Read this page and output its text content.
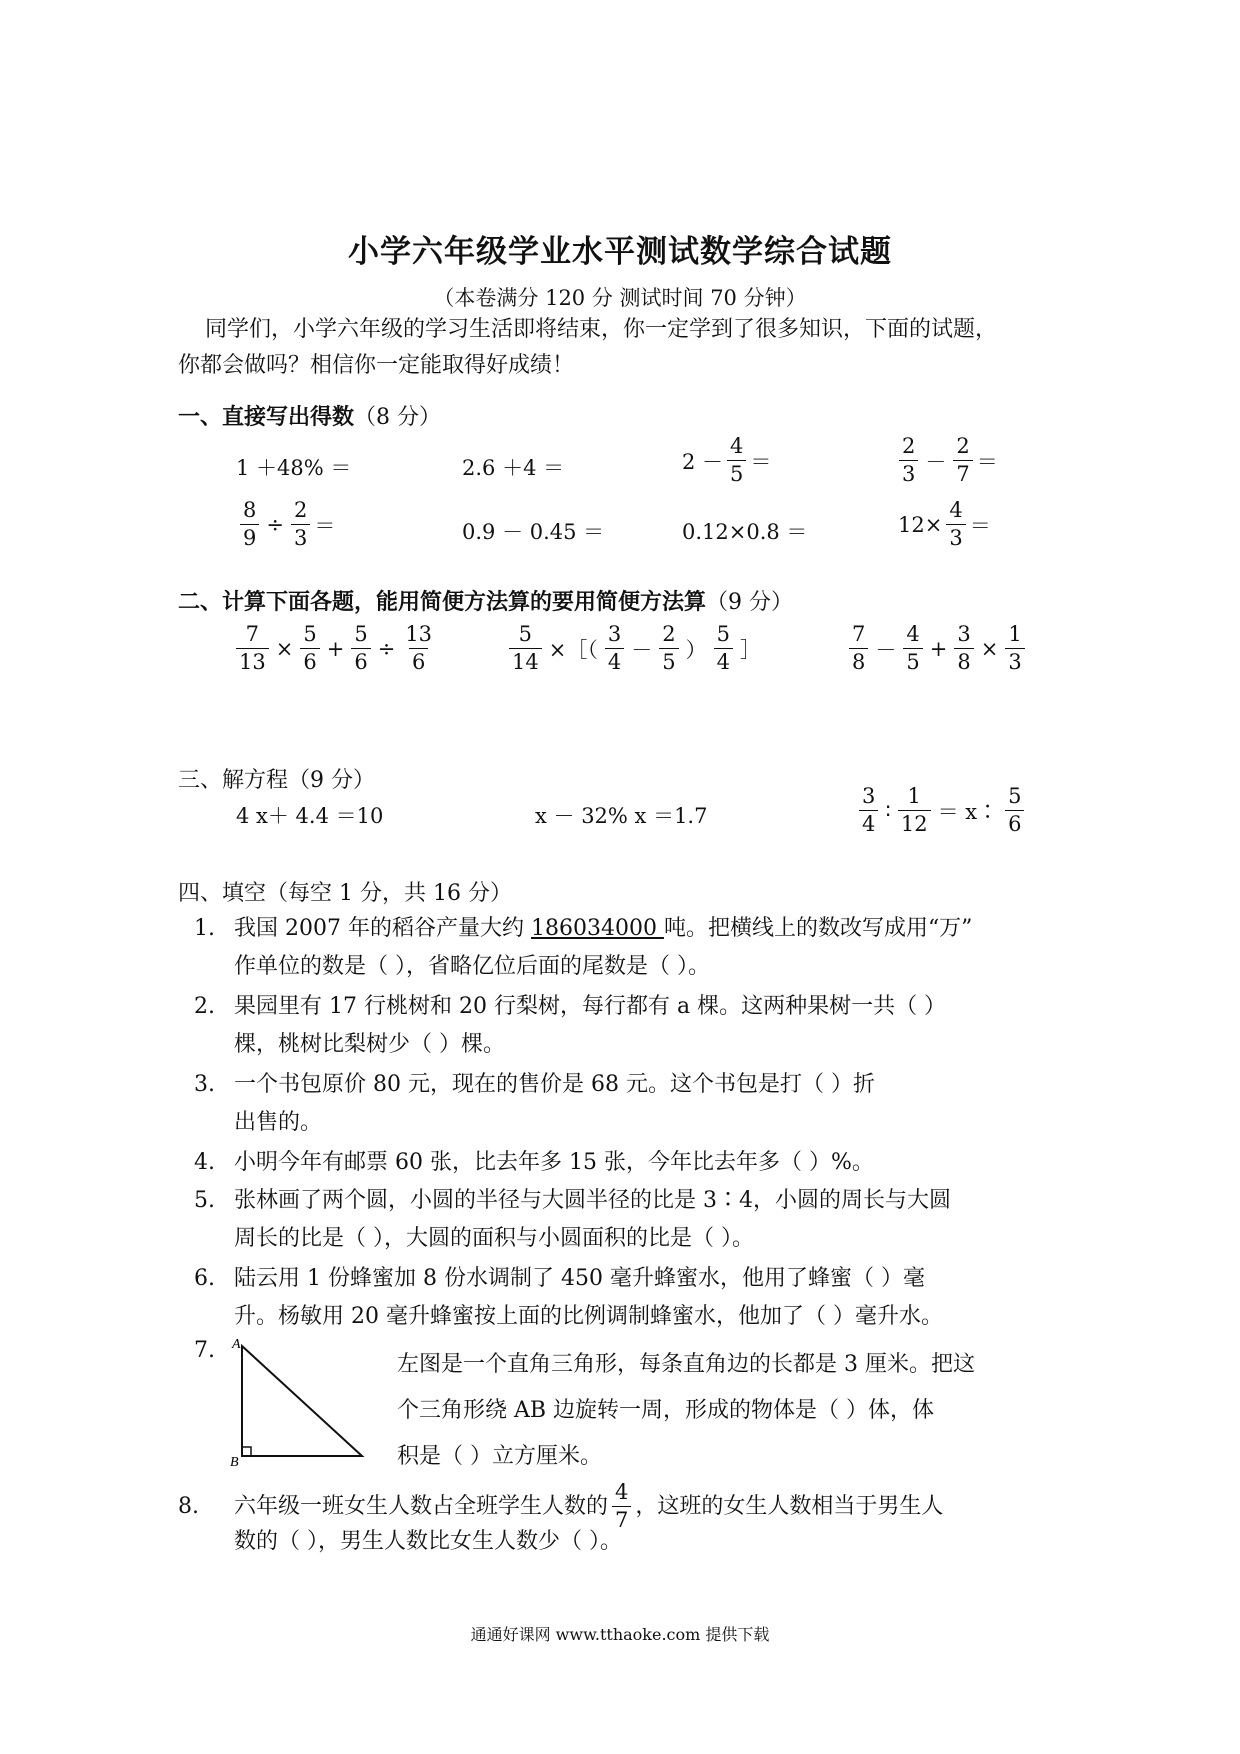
小学六年级学业水平测试数学综合试题
（本卷满分 120 分 测试时间 70 分钟）
同学们，小学六年级的学习生活即将结束，你一定学到了很多知识，下面的试题，
你都会做吗？相信你一定能取得好成绩！
一、直接写出得数（8 分）
1 ＋48% ＝	2.6 ＋4 ＝	$2 - \frac{4}{5}$ ＝	$\frac{2}{3} - \frac{2}{7}$ ＝
$\frac{8}{9} \div \frac{2}{3}$ ＝	0.9 － 0.45 ＝	0.12×0.8 ＝	$12\times \frac{4}{3}$ ＝
二、计算下面各题，能用简便方法算的要用简便方法算（9 分）
$\frac{7}{13} \times \frac{5}{6} + \frac{5}{6} \div \frac{13}{6}$	$\frac{5}{14}$ ×［（ $\frac{3}{4} - \frac{2}{5}$ ） $\frac{5}{4}$ ］	$\frac{7}{8} - \frac{4}{5} + \frac{3}{8} \times \frac{1}{3}$
三、解方程（9 分）
4 x＋ 4.4 ＝10	x － 32% x ＝1.7	$\frac{3}{4}$ ∶ $\frac{1}{12}$ ＝ x∶ $\frac{5}{6}$
四、填空（每空 1 分，共 16 分）
1. 我国 2007 年的稻谷产量大约 186034000 吨。把横线上的数改写成用“万”
作单位的数是（ ），省略亿位后面的尾数是（ ）。
2. 果园里有 17 行桃树和 20 行梨树，每行都有 a 棵。这两种果树一共（ ）
棵，桃树比梨树少（ ）棵。
3. 一个书包原价 80 元，现在的售价是 68 元。这个书包是打（ ）折
出售的。
4. 小明今年有邮票 60 张，比去年多 15 张，今年比去年多（ ）%。
5. 张林画了两个圆，小圆的半径与大圆半径的比是 3∶4，小圆的周长与大圆
周长的比是（ ），大圆的面积与小圆面积的比是（ ）。
6. 陆云用 1 份蜂蜜加 8 份水调制了 450 毫升蜂蜜水，他用了蜂蜜（ ）毫
升。杨敏用 20 毫升蜂蜜按上面的比例调制蜂蜜水，他加了（ ）毫升水。
7. A
B
左图是一个直角三角形，每条直角边的长都是 3 厘米。把这
个三角形绕 AB 边旋转一周，形成的物体是（ ）体，体
积是（ ）立方厘米。
8.	六年级一班女生人数占全班学生人数的 $\frac{4}{7}$ ，这班的女生人数相当于男生人
数的（ ），男生人数比女生人数少（ ）。
通通好课网 www.tthaoke.com 提供下载
